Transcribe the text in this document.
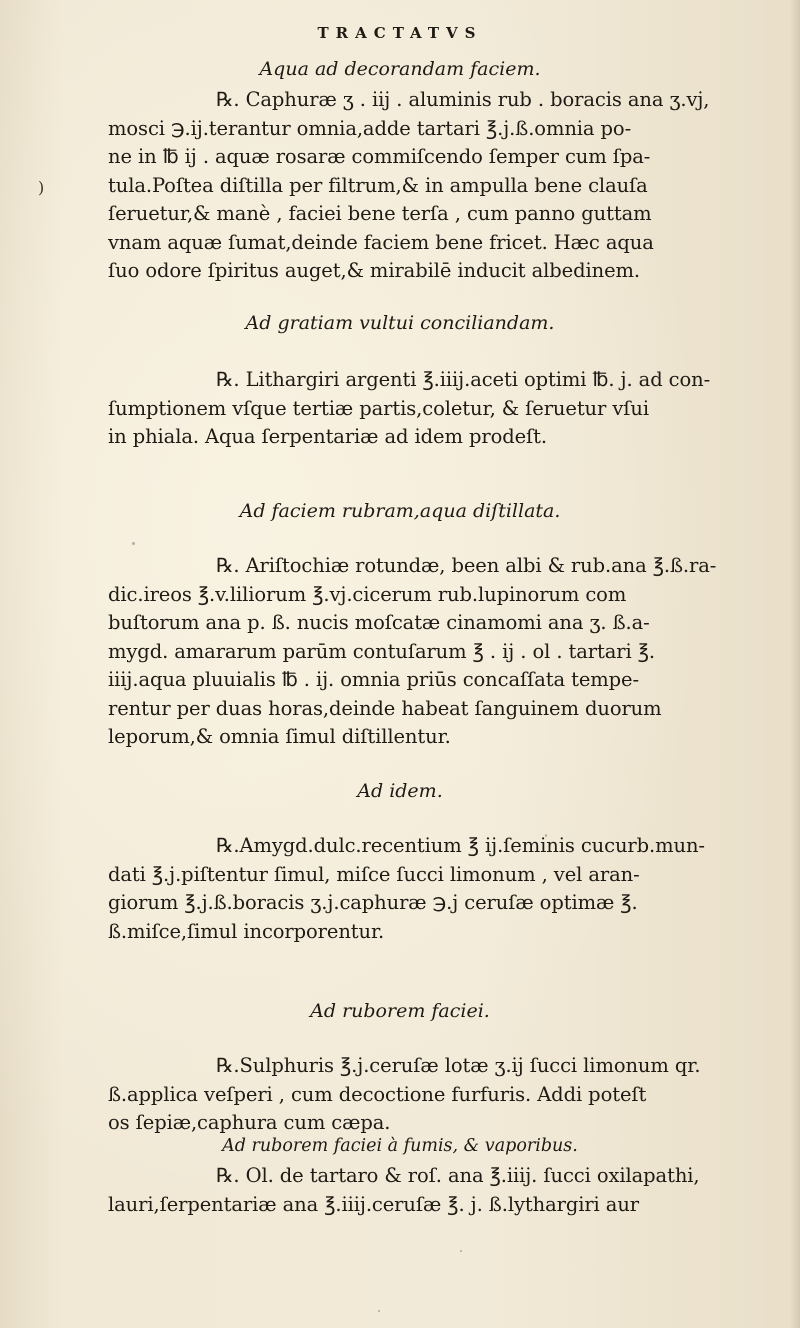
TRACTATVS
)
Aqua ad decorandam faciem.
℞. Caphuræ ʒ . iij . aluminis rub . boracis ana ʒ.vj,
mosci ℈.ij.terantur omnia,adde tartari ℥.j.ß.omnia po-
ne in ℔ ij . aquæ rosaræ commiſcendo ſemper cum ſpa-
tula.Poſtea diſtilla per filtrum,& in ampulla bene clauſa
ſeruetur,& manè , faciei bene terſa , cum panno guttam
vnam aquæ ſumat,deinde faciem bene fricet. Hæc aqua
ſuo odore ſpiritus auget,& mirabilē inducit albedinem.
Ad gratiam vultui conciliandam.
℞. Lithargiri argenti ℥.iiij.aceti optimi ℔. j. ad con-
ſumptionem vſque tertiæ partis,coletur, & ſeruetur vſui
in phiala. Aqua ſerpentariæ ad idem prodeſt.
Ad faciem rubram,aqua diſtillata.
℞. Ariſtochiæ rotundæ, been albi & rub.ana ℥.ß.ra-
dic.ireos ℥.v.liliorum ℥.vj.cicerum rub.lupinorum com
buſtorum ana p. ß. nucis moſcatæ cinamomi ana ʒ. ß.a-
mygd. amararum parūm contuſarum ℥ . ij . ol . tartari ℥.
iiij.aqua pluuialis ℔ . ij. omnia priūs concaſſata tempe-
rentur per duas horas,deinde habeat ſanguinem duorum
leporum,& omnia ſimul diſtillentur.
Ad idem.
℞.Amygd.dulc.recentium ℥ ij.ſeminis cucurb.mun-
dati ℥.j.piſtentur ſimul, miſce ſucci limonum , vel aran-
giorum ℥.j.ß.boracis ʒ.j.caphuræ ℈.j ceruſæ optimæ ℥.
ß.miſce,ſimul incorporentur.
Ad ruborem faciei.
℞.Sulphuris ℥.j.ceruſæ lotæ ʒ.ij ſucci limonum qr.
ß.applica veſperi , cum decoctione furfuris. Addi poteſt
os ſepiæ,caphura cum cæpa.
Ad ruborem faciei à fumis, & vaporibus.
℞. Ol. de tartaro & roſ. ana ℥.iiij. ſucci oxilapathi,
lauri,ſerpentariæ ana ℥.iiij.ceruſæ ℥. j. ß.lythargiri aur
